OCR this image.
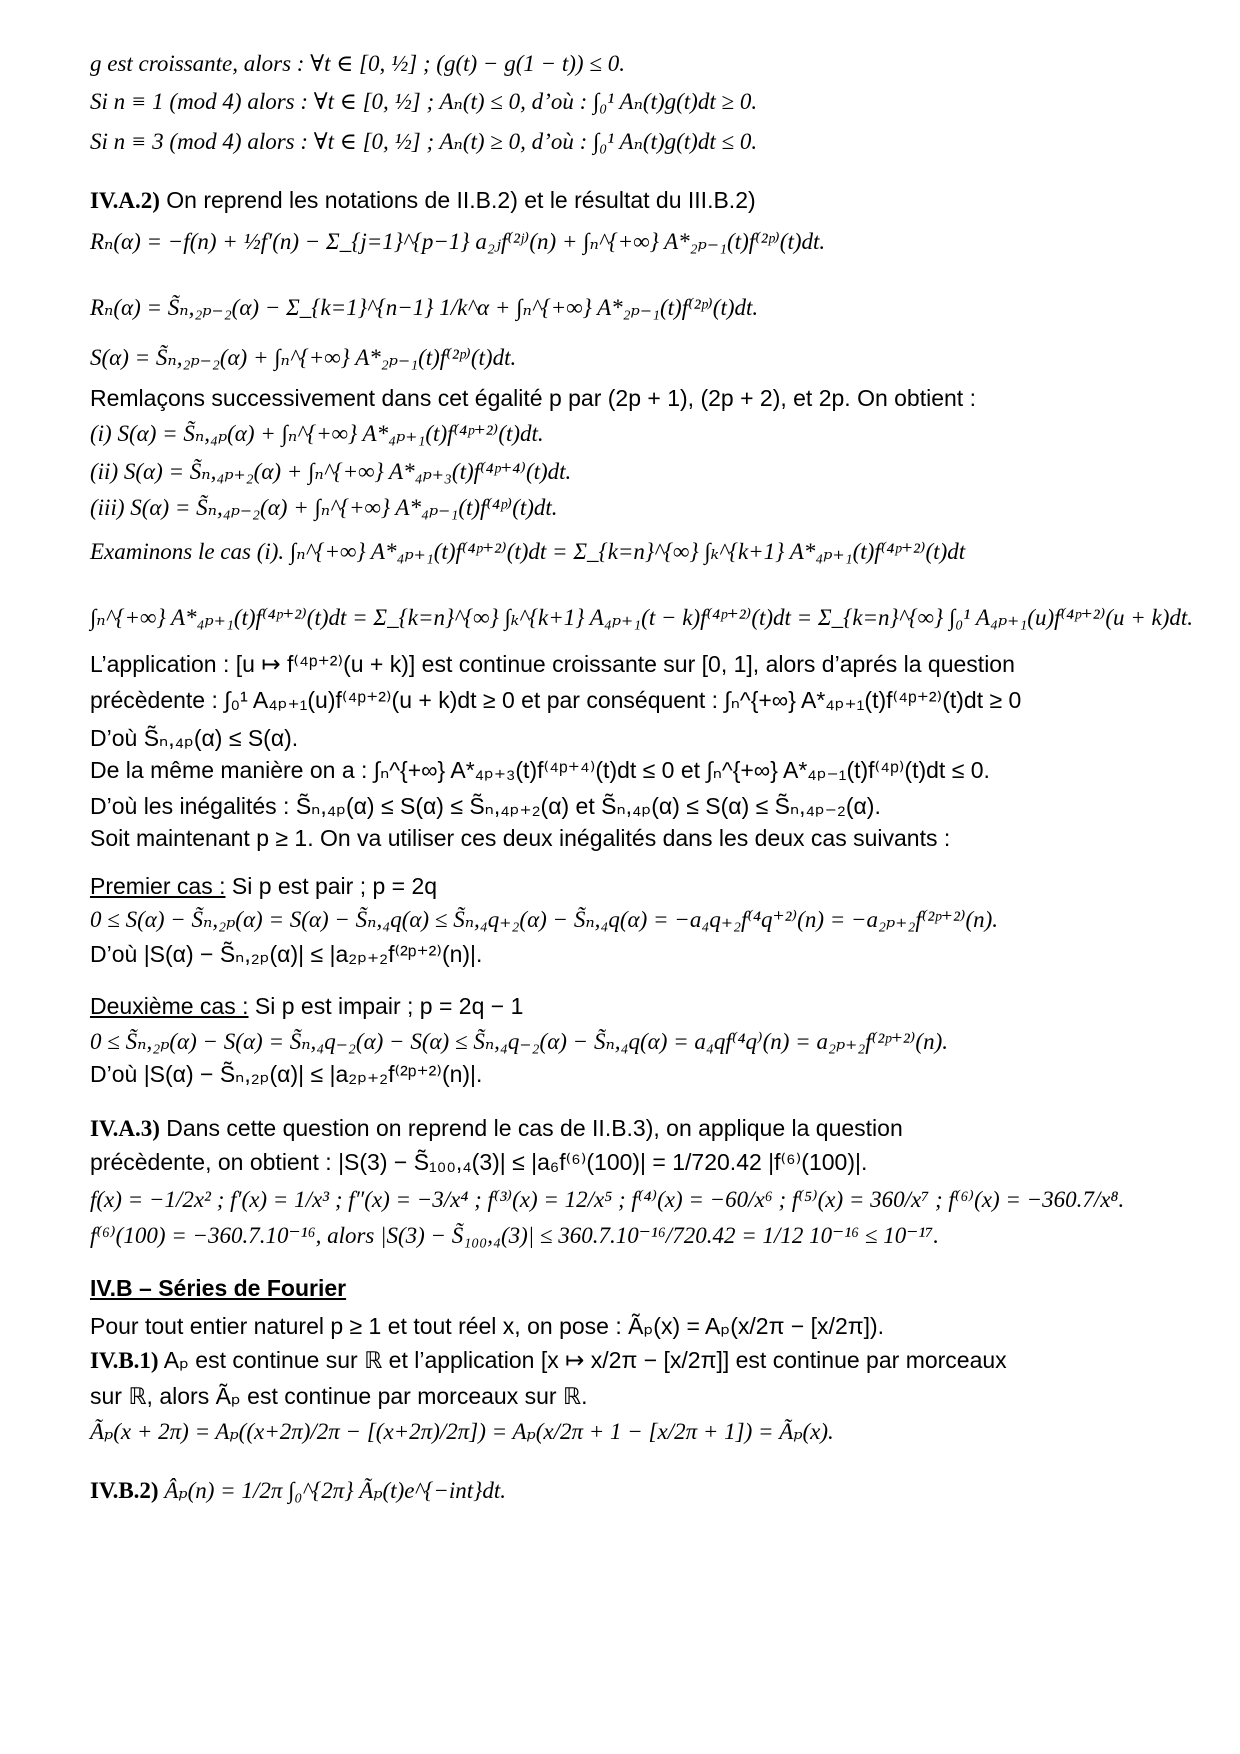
g est croissante, alors : ∀t ∈ [0, ½] ; (g(t) − g(1 − t)) ≤ 0.
Si n ≡ 1 (mod 4) alors : ∀t ∈ [0, ½] ; Aₙ(t) ≤ 0, d’où : ∫₀¹ Aₙ(t)g(t)dt ≥ 0.
Si n ≡ 3 (mod 4) alors : ∀t ∈ [0, ½] ; Aₙ(t) ≥ 0, d’où : ∫₀¹ Aₙ(t)g(t)dt ≤ 0.
IV.A.2) On reprend les notations de II.B.2) et le résultat du III.B.2)
Rₙ(α) = −f(n) + ½f′(n) − Σ_{j=1}^{p−1} a₂ⱼf⁽²ʲ⁾(n) + ∫ₙ^{+∞} A*₂ₚ₋₁(t)f⁽²ᵖ⁾(t)dt.
Rₙ(α) = S̃ₙ,₂ₚ₋₂(α) − Σ_{k=1}^{n−1} 1/k^α + ∫ₙ^{+∞} A*₂ₚ₋₁(t)f⁽²ᵖ⁾(t)dt.
S(α) = S̃ₙ,₂ₚ₋₂(α) + ∫ₙ^{+∞} A*₂ₚ₋₁(t)f⁽²ᵖ⁾(t)dt.
Remlaçons successivement dans cet égalité p par (2p + 1), (2p + 2), et 2p. On obtient :
(i) S(α) = S̃ₙ,₄ₚ(α) + ∫ₙ^{+∞} A*₄ₚ₊₁(t)f⁽⁴ᵖ⁺²⁾(t)dt.
(ii) S(α) = S̃ₙ,₄ₚ₊₂(α) + ∫ₙ^{+∞} A*₄ₚ₊₃(t)f⁽⁴ᵖ⁺⁴⁾(t)dt.
(iii) S(α) = S̃ₙ,₄ₚ₋₂(α) + ∫ₙ^{+∞} A*₄ₚ₋₁(t)f⁽⁴ᵖ⁾(t)dt.
Examinons le cas (i). ∫ₙ^{+∞} A*₄ₚ₊₁(t)f⁽⁴ᵖ⁺²⁾(t)dt = Σ_{k=n}^{∞} ∫ₖ^{k+1} A*₄ₚ₊₁(t)f⁽⁴ᵖ⁺²⁾(t)dt
∫ₙ^{+∞} A*₄ₚ₊₁(t)f⁽⁴ᵖ⁺²⁾(t)dt = Σ_{k=n}^{∞} ∫ₖ^{k+1} A₄ₚ₊₁(t − k)f⁽⁴ᵖ⁺²⁾(t)dt = Σ_{k=n}^{∞} ∫₀¹ A₄ₚ₊₁(u)f⁽⁴ᵖ⁺²⁾(u + k)dt.
L’application : [u ↦ f⁽⁴ᵖ⁺²⁾(u + k)] est continue croissante sur [0, 1], alors d’aprés la question
précèdente : ∫₀¹ A₄ₚ₊₁(u)f⁽⁴ᵖ⁺²⁾(u + k)dt ≥ 0 et par conséquent : ∫ₙ^{+∞} A*₄ₚ₊₁(t)f⁽⁴ᵖ⁺²⁾(t)dt ≥ 0
D’où S̃ₙ,₄ₚ(α) ≤ S(α).
De la même manière on a : ∫ₙ^{+∞} A*₄ₚ₊₃(t)f⁽⁴ᵖ⁺⁴⁾(t)dt ≤ 0 et ∫ₙ^{+∞} A*₄ₚ₋₁(t)f⁽⁴ᵖ⁾(t)dt ≤ 0.
D’où les inégalités : S̃ₙ,₄ₚ(α) ≤ S(α) ≤ S̃ₙ,₄ₚ₊₂(α) et S̃ₙ,₄ₚ(α) ≤ S(α) ≤ S̃ₙ,₄ₚ₋₂(α).
Soit maintenant p ≥ 1. On va utiliser ces deux inégalités dans les deux cas suivants :
Premier cas : Si p est pair ; p = 2q
0 ≤ S(α) − S̃ₙ,₂ₚ(α) = S(α) − S̃ₙ,₄q(α) ≤ S̃ₙ,₄q₊₂(α) − S̃ₙ,₄q(α) = −a₄q₊₂f⁽⁴q⁺²⁾(n) = −a₂ₚ₊₂f⁽²ᵖ⁺²⁾(n).
D’où |S(α) − S̃ₙ,₂ₚ(α)| ≤ |a₂ₚ₊₂f⁽²ᵖ⁺²⁾(n)|.
Deuxième cas : Si p est impair ; p = 2q − 1
0 ≤ S̃ₙ,₂ₚ(α) − S(α) = S̃ₙ,₄q₋₂(α) − S(α) ≤ S̃ₙ,₄q₋₂(α) − S̃ₙ,₄q(α) = a₄qf⁽⁴q⁾(n) = a₂ₚ₊₂f⁽²ᵖ⁺²⁾(n).
D’où |S(α) − S̃ₙ,₂ₚ(α)| ≤ |a₂ₚ₊₂f⁽²ᵖ⁺²⁾(n)|.
IV.A.3) Dans cette question on reprend le cas de II.B.3), on applique la question
précèdente, on obtient : |S(3) − S̃₁₀₀,₄(3)| ≤ |a₆f⁽⁶⁾(100)| = 1/720.42 |f⁽⁶⁾(100)|.
f(x) = −1/2x² ; f′(x) = 1/x³ ; f″(x) = −3/x⁴ ; f⁽³⁾(x) = 12/x⁵ ; f⁽⁴⁾(x) = −60/x⁶ ; f⁽⁵⁾(x) = 360/x⁷ ; f⁽⁶⁾(x) = −360.7/x⁸.
f⁽⁶⁾(100) = −360.7.10⁻¹⁶, alors |S(3) − S̃₁₀₀,₄(3)| ≤ 360.7.10⁻¹⁶/720.42 = 1/12 10⁻¹⁶ ≤ 10⁻¹⁷.
IV.B – Séries de Fourier
Pour tout entier naturel p ≥ 1 et tout réel x, on pose : Ãₚ(x) = Aₚ(x/2π − [x/2π]).
IV.B.1) Aₚ est continue sur ℝ et l’application [x ↦ x/2π − [x/2π]] est continue par morceaux
sur ℝ, alors Ãₚ est continue par morceaux sur ℝ.
Ãₚ(x + 2π) = Aₚ((x+2π)/2π − [(x+2π)/2π]) = Aₚ(x/2π + 1 − [x/2π + 1]) = Ãₚ(x).
IV.B.2) Âₚ(n) = 1/2π ∫₀^{2π} Ãₚ(t)e^{−int}dt.
